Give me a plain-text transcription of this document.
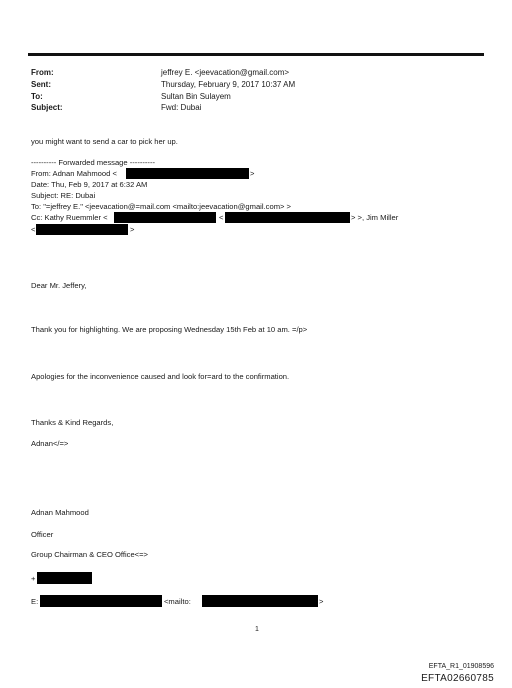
From:	jeffrey E. <jeevacation@gmail.com>
Sent:	Thursday, February 9, 2017 10:37 AM
To:	Sultan Bin Sulayem
Subject:	Fwd: Dubai
you might want to send a car to pick her up.
---------- Forwarded message ----------
From: Adnan Mahmood <	>
Date: Thu, Feb 9, 2017 at 6:32 AM
Subject: RE: Dubai
To: "=jeffrey E." <jeevacation@=mail.com <mailto:jeevacation@gmail.com> >
Cc: Kathy Ruemmler <	<	> >, Jim Miller
<	>
Dear Mr. Jeffery,
Thank you for highlighting. We are proposing Wednesday 15th Feb at 10 am. =/p>
Apologies for the inconvenience caused and look for=ard to the confirmation.
Thanks & Kind Regards,
Adnan</=>
Adnan Mahmood
Officer
Group Chairman & CEO Office<=>
+
E:	<mailto:	>
1
EFTA_R1_01908596
EFTA02660785
